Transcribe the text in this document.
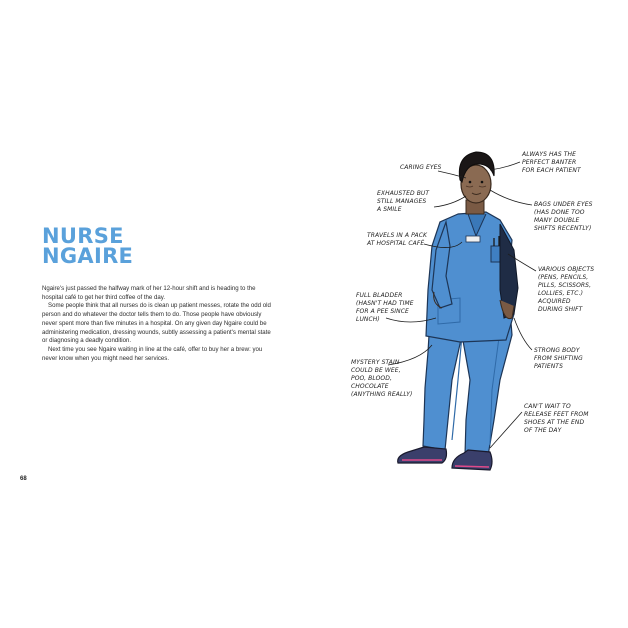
NURSE
NGAIRE

Ngaire's just passed the halfway mark of her 12-hour shift and is heading to the hospital café to get her third coffee of the day.

Some people think that all nurses do is clean up patient messes, rotate the odd old person and do whatever the doctor tells them to do. Those people have obviously never spent more than five minutes in a hospital. On any given day Ngaire could be administering medication, dressing wounds, subtly assessing a patient's mental state or diagnosing a deadly condition.

Next time you see Ngaire waiting in line at the café, offer to buy her a brew: you never know when you might need her services.

68
CARING EYES
ALWAYS HAS THE
PERFECT BANTER
FOR EACH PATIENT
EXHAUSTED BUT
STILL MANAGES
A SMILE
BAGS UNDER EYES
(HAS DONE TOO
MANY DOUBLE
SHIFTS RECENTLY)
TRAVELS IN A PACK
AT HOSPITAL CAFÉ
VARIOUS OBJECTS
(PENS, PENCILS,
PILLS, SCISSORS,
LOLLIES, ETC.)
ACQUIRED
DURING SHIFT
FULL BLADDER
(HASN'T HAD TIME
FOR A PEE SINCE
LUNCH)
STRONG BODY
FROM SHIFTING
PATIENTS
MYSTERY STAIN
COULD BE WEE,
POO, BLOOD,
CHOCOLATE
(ANYTHING REALLY)
CAN'T WAIT TO
RELEASE FEET FROM
SHOES AT THE END
OF THE DAY
